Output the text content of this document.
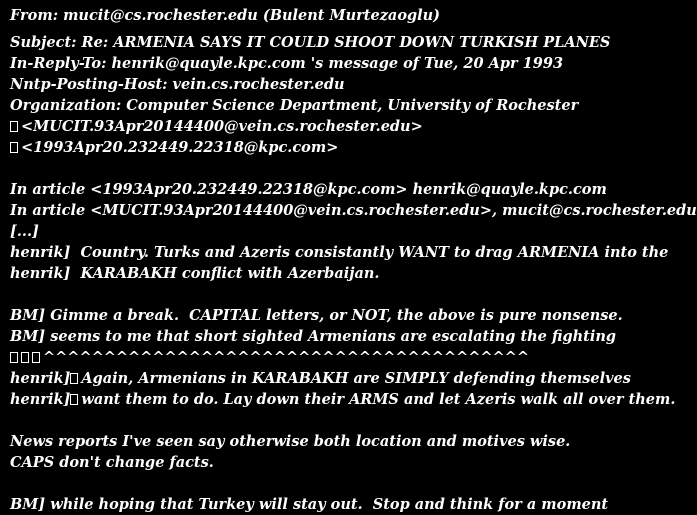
From: mucit@cs.rochester.edu (Bulent Murtezaoglu)
Subject: Re: ARMENIA SAYS IT COULD SHOOT DOWN TURKISH PLANES
In-Reply-To: henrik@quayle.kpc.com 's message of Tue, 20 Apr 1993
Nntp-Posting-Host: vein.cs.rochester.edu
Organization: Computer Science Department, University of Rochester
<MUCIT.93Apr20144400@vein.cs.rochester.edu>
<1993Apr20.232449.22318@kpc.com>
In article <1993Apr20.232449.22318@kpc.com> henrik@quayle.kpc.com
In article <MUCIT.93Apr20144400@vein.cs.rochester.edu>, mucit@cs.rochester.edu
[...]
henrik]  Country. Turks and Azeris consistantly WANT to drag ARMENIA into the
henrik]  KARABAKH conflict with Azerbaijan.
BM] Gimme a break.  CAPITAL letters, or NOT, the above is pure nonsense.
BM] seems to me that short sighted Armenians are escalating the fighting
^^^^^^^^^^^^^^^^^^^^^^^^^^^^^^^^^^^^^^^^
henrik] Again, Armenians in KARABAKH are SIMPLY defending themselves
henrik] want them to do. Lay down their ARMS and let Azeris walk all over them.
News reports I've seen say otherwise both location and motives wise.
CAPS don't change facts.
BM] while hoping that Turkey will stay out.  Stop and think for a moment
